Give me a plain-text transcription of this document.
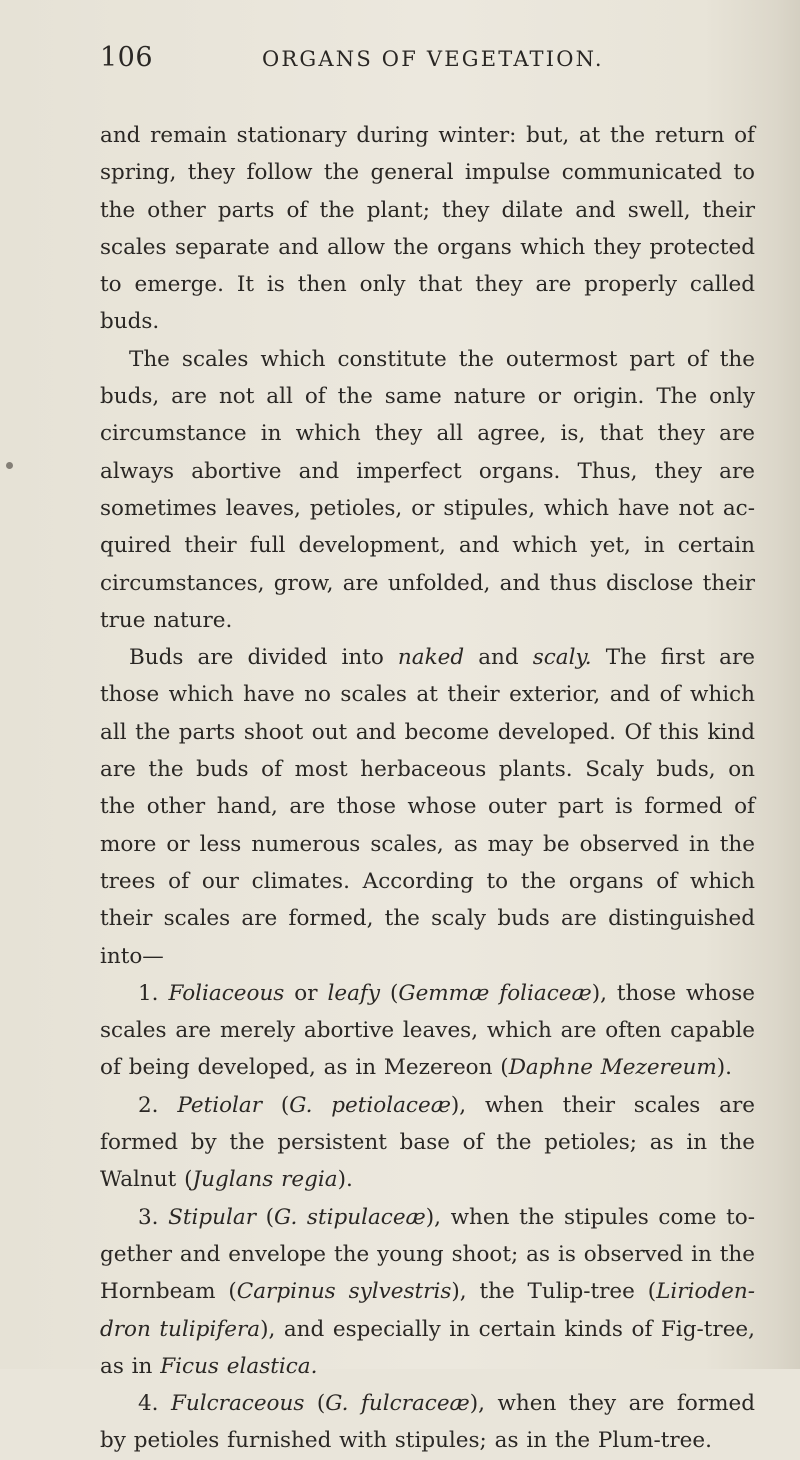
106	ORGANS OF VEGETATION.

and remain stationary during winter: but, at the return of spring, they follow the general impulse communicated to the other parts of the plant; they dilate and swell, their scales separate and allow the organs which they protected to emerge. It is then only that they are properly called buds.

The scales which constitute the outermost part of the buds, are not all of the same nature or origin. The only circumstance in which they all agree, is, that they are always abortive and imperfect organs. Thus, they are sometimes leaves, petioles, or stipules, which have not ac- quired their full development, and which yet, in certain circumstances, grow, are unfolded, and thus disclose their true nature.

Buds are divided into naked and scaly. The first are those which have no scales at their exterior, and of which all the parts shoot out and become developed. Of this kind are the buds of most herbaceous plants. Scaly buds, on the other hand, are those whose outer part is formed of more or less numerous scales, as may be observed in the trees of our climates. According to the organs of which their scales are formed, the scaly buds are distinguished into—

1. Foliaceous or leafy (Gemmæ foliaceæ), those whose scales are merely abortive leaves, which are often capable of being developed, as in Mezereon (Daphne Mezereum).

2. Petiolar (G. petiolaceæ), when their scales are formed by the persistent base of the petioles; as in the Walnut (Juglans regia).

3. Stipular (G. stipulaceæ), when the stipules come to- gether and envelope the young shoot; as is observed in the Hornbeam (Carpinus sylvestris), the Tulip-tree (Lirioden- dron tulipifera), and especially in certain kinds of Fig-tree, as in Ficus elastica.

4. Fulcraceous (G. fulcraceæ), when they are formed by petioles furnished with stipules; as in the Plum-tree.
